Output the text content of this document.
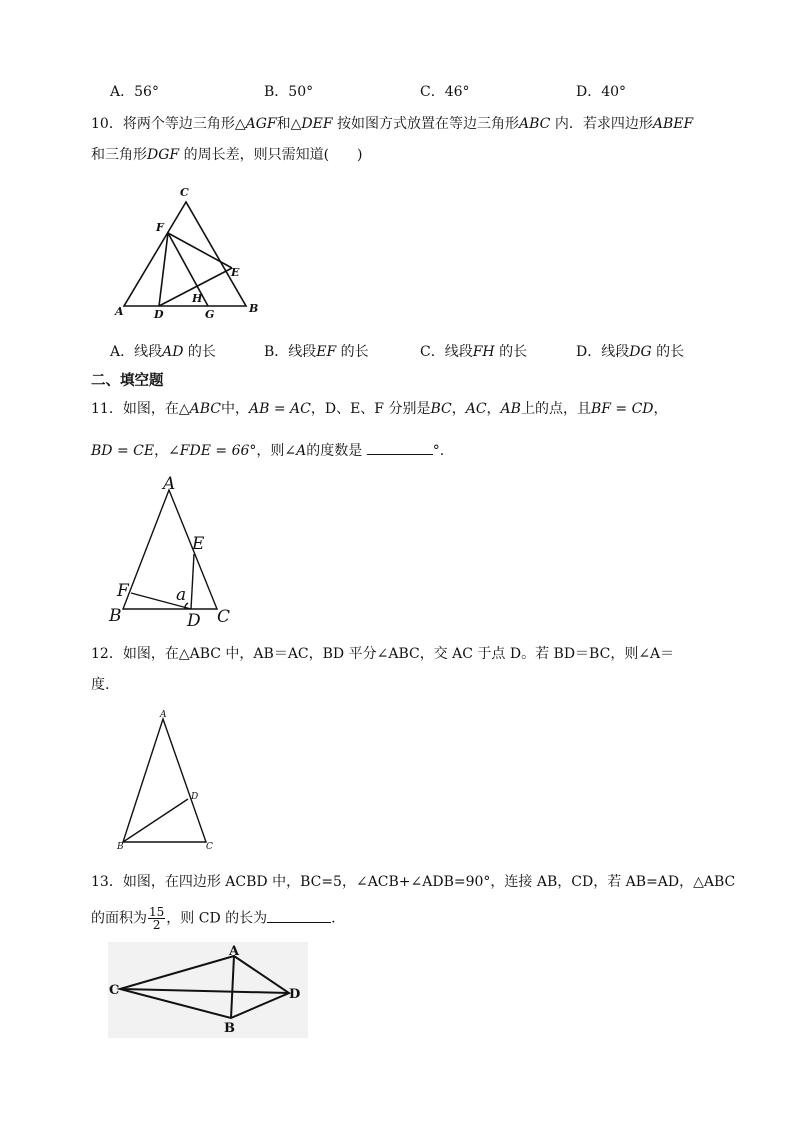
A．56°	B．50°	C．46°	D．40°
10．将两个等边三角形△AGF和△DEF 按如图方式放置在等边三角形ABC 内．若求四边形ABEF
和三角形DGF 的周长差，则只需知道(　　)
C
F
E
H
A	D	G	B
A．线段AD 的长	B．线段EF 的长	C．线段FH 的长	D．线段DG 的长
二、填空题
11．如图，在△ABC中，AB = AC，D、E、F 分别是BC，AC，AB上的点，且BF = CD，
BD = CE，∠FDE = 66°，则∠A的度数是	°.
A
E
F	a
B	D C
12．如图，在△ABC 中，AB＝AC，BD 平分∠ABC，交 AC 于点 D。若 BD＝BC，则∠A＝
度.
A
D
B	C
13．如图，在四边形 ACBD 中，BC=5，∠ACB+∠ADB=90°，连接 AB，CD，若 AB=AD，△ABC
的面积为 $\frac{15}{2}$ ，则 CD 的长为	.
A
C	D
B
